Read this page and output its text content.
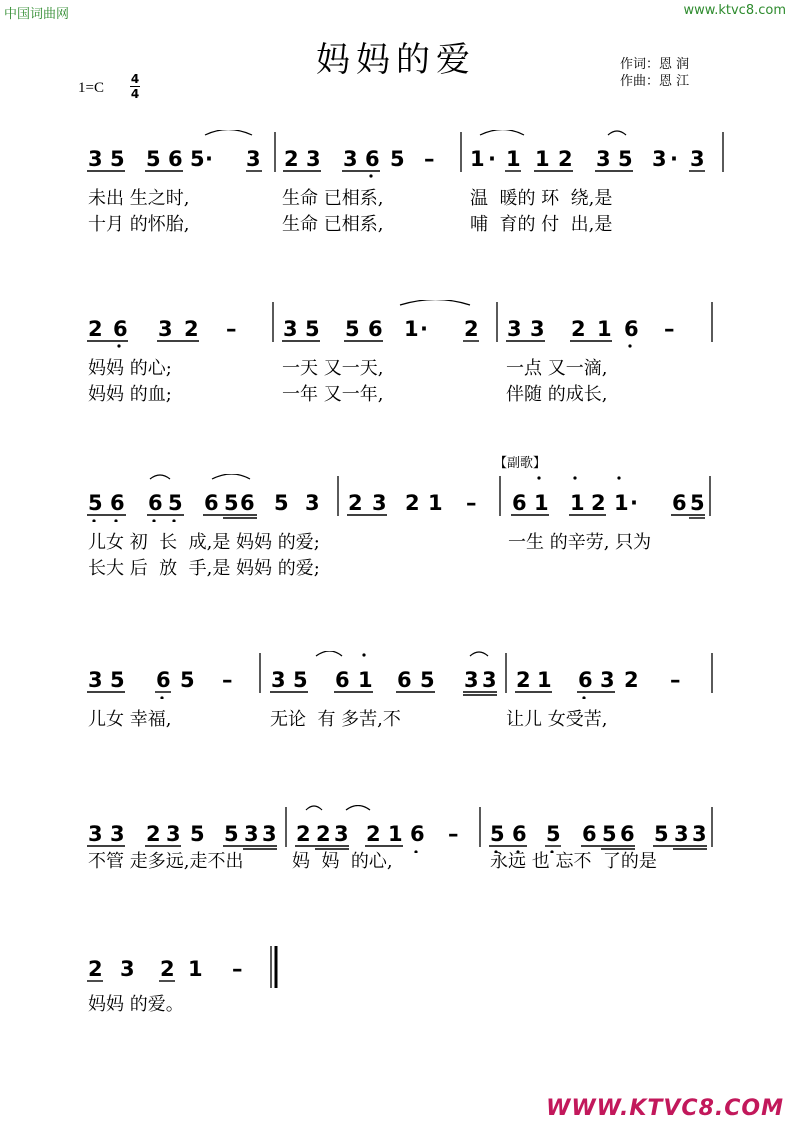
中国词曲网	www.ktvc8.com
妈妈的爱	作词：恩 润
作曲：恩 江
1=C
4
4
3 5 5 6 5 · 3 2 3 3 6 5 – 1 · 1 1 2 3 5 3 · 3
未出 生之时,	生命 已相系,	温  暖的 环  绕,是
十月 的怀胎,	生命 已相系,	哺  育的 付  出,是
2 6 3 2 – 3 5 5 6 1 · 2 3 3 2 1 6 –
妈妈 的心;	一天 又一天,	一点 又一滴,
妈妈 的血;	一年 又一年,	伴随 的成长,
【副歌】
5 6 6 5 6 5 6 5 3 2 3 2 1 – 6 1 1 2 1 · 6 5
儿女 初  长  成,是 妈妈 的爱;	一生 的辛劳, 只为
长大 后  放  手,是 妈妈 的爱;
3 5 6 5 – 3 5 6 1 6 5 3 3 2 1 6 3 2 –
儿女 幸福,	无论  有 多苦,不	让儿 女受苦,
3 3 2 3 5 5 3 3 2 2 3 2 1 6 – 5 6 5 6 5 6 5 3 3
不管 走多远,走不出	妈  妈  的心,	永远 也 忘不  了的是
2 3 2 1 –
妈妈 的爱。
WWW.KTVC8.COM
